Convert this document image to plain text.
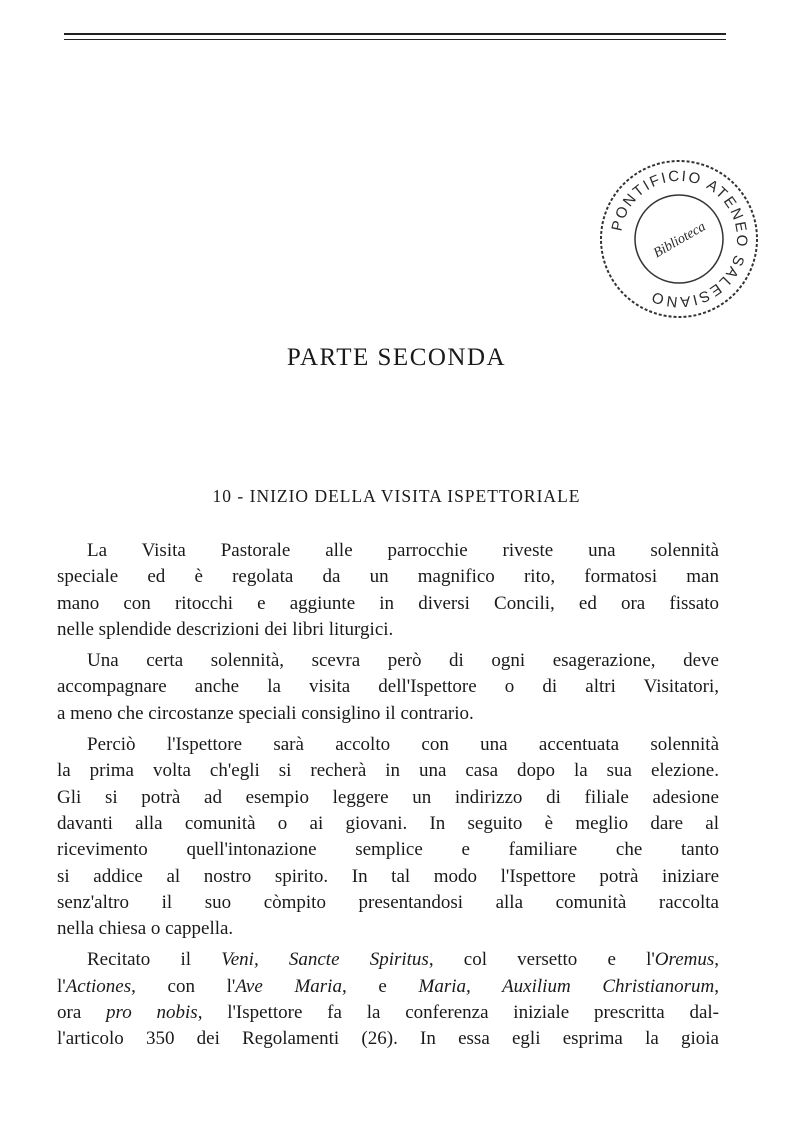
PONTIFICIO ATENEO SALESIANO
Biblioteca
PARTE SECONDA
10 - INIZIO DELLA VISITA ISPETTORIALE
La Visita Pastorale alle parrocchie riveste una solennità
speciale ed è regolata da un magnifico rito, formatosi man
mano con ritocchi e aggiunte in diversi Concili, ed ora fissato
nelle splendide descrizioni dei libri liturgici.
Una certa solennità, scevra però di ogni esagerazione, deve
accompagnare anche la visita dell'Ispettore o di altri Visitatori,
a meno che circostanze speciali consiglino il contrario.
Perciò l'Ispettore sarà accolto con una accentuata solennità
la prima volta ch'egli si recherà in una casa dopo la sua elezione.
Gli si potrà ad esempio leggere un indirizzo di filiale adesione
davanti alla comunità o ai giovani. In seguito è meglio dare al
ricevimento quell'intonazione semplice e familiare che tanto
si addice al nostro spirito. In tal modo l'Ispettore potrà iniziare
senz'altro il suo còmpito presentandosi alla comunità raccolta
nella chiesa o cappella.
Recitato il Veni, Sancte Spiritus, col versetto e l'Oremus,
l'Actiones, con l'Ave Maria, e Maria, Auxilium Christianorum,
ora pro nobis, l'Ispettore fa la conferenza iniziale prescritta dal-
l'articolo 350 dei Regolamenti (26). In essa egli esprima la gioia
